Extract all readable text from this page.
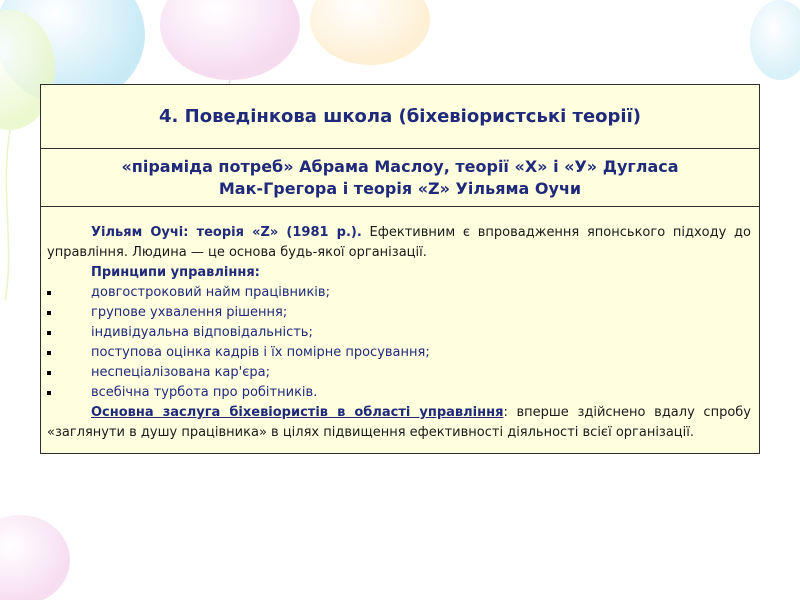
4. Поведінкова школа (біхевіористські теорії)
«піраміда потреб» Абрама Маслоу, теорії «Х» і «У» Дугласа
Мак-Грегора і теорія «Z» Уільяма Оучи
Уільям Оучі: теорія «Z» (1981 р.). Ефективним є впровадження японського підходу до управління. Людина — це основа будь-якої організації.
Принципи управління:
довгостроковий найм працівників;
групове ухвалення рішення;
індивідуальна відповідальність;
поступова оцінка кадрів і їх помірне просування;
неспеціалізована кар'єра;
всебічна турбота про робітників.
Основна заслуга біхевіористів в області управління: вперше здійснено вдалу спробу «заглянути в душу працівника» в цілях підвищення ефективності діяльності всієї організації.
